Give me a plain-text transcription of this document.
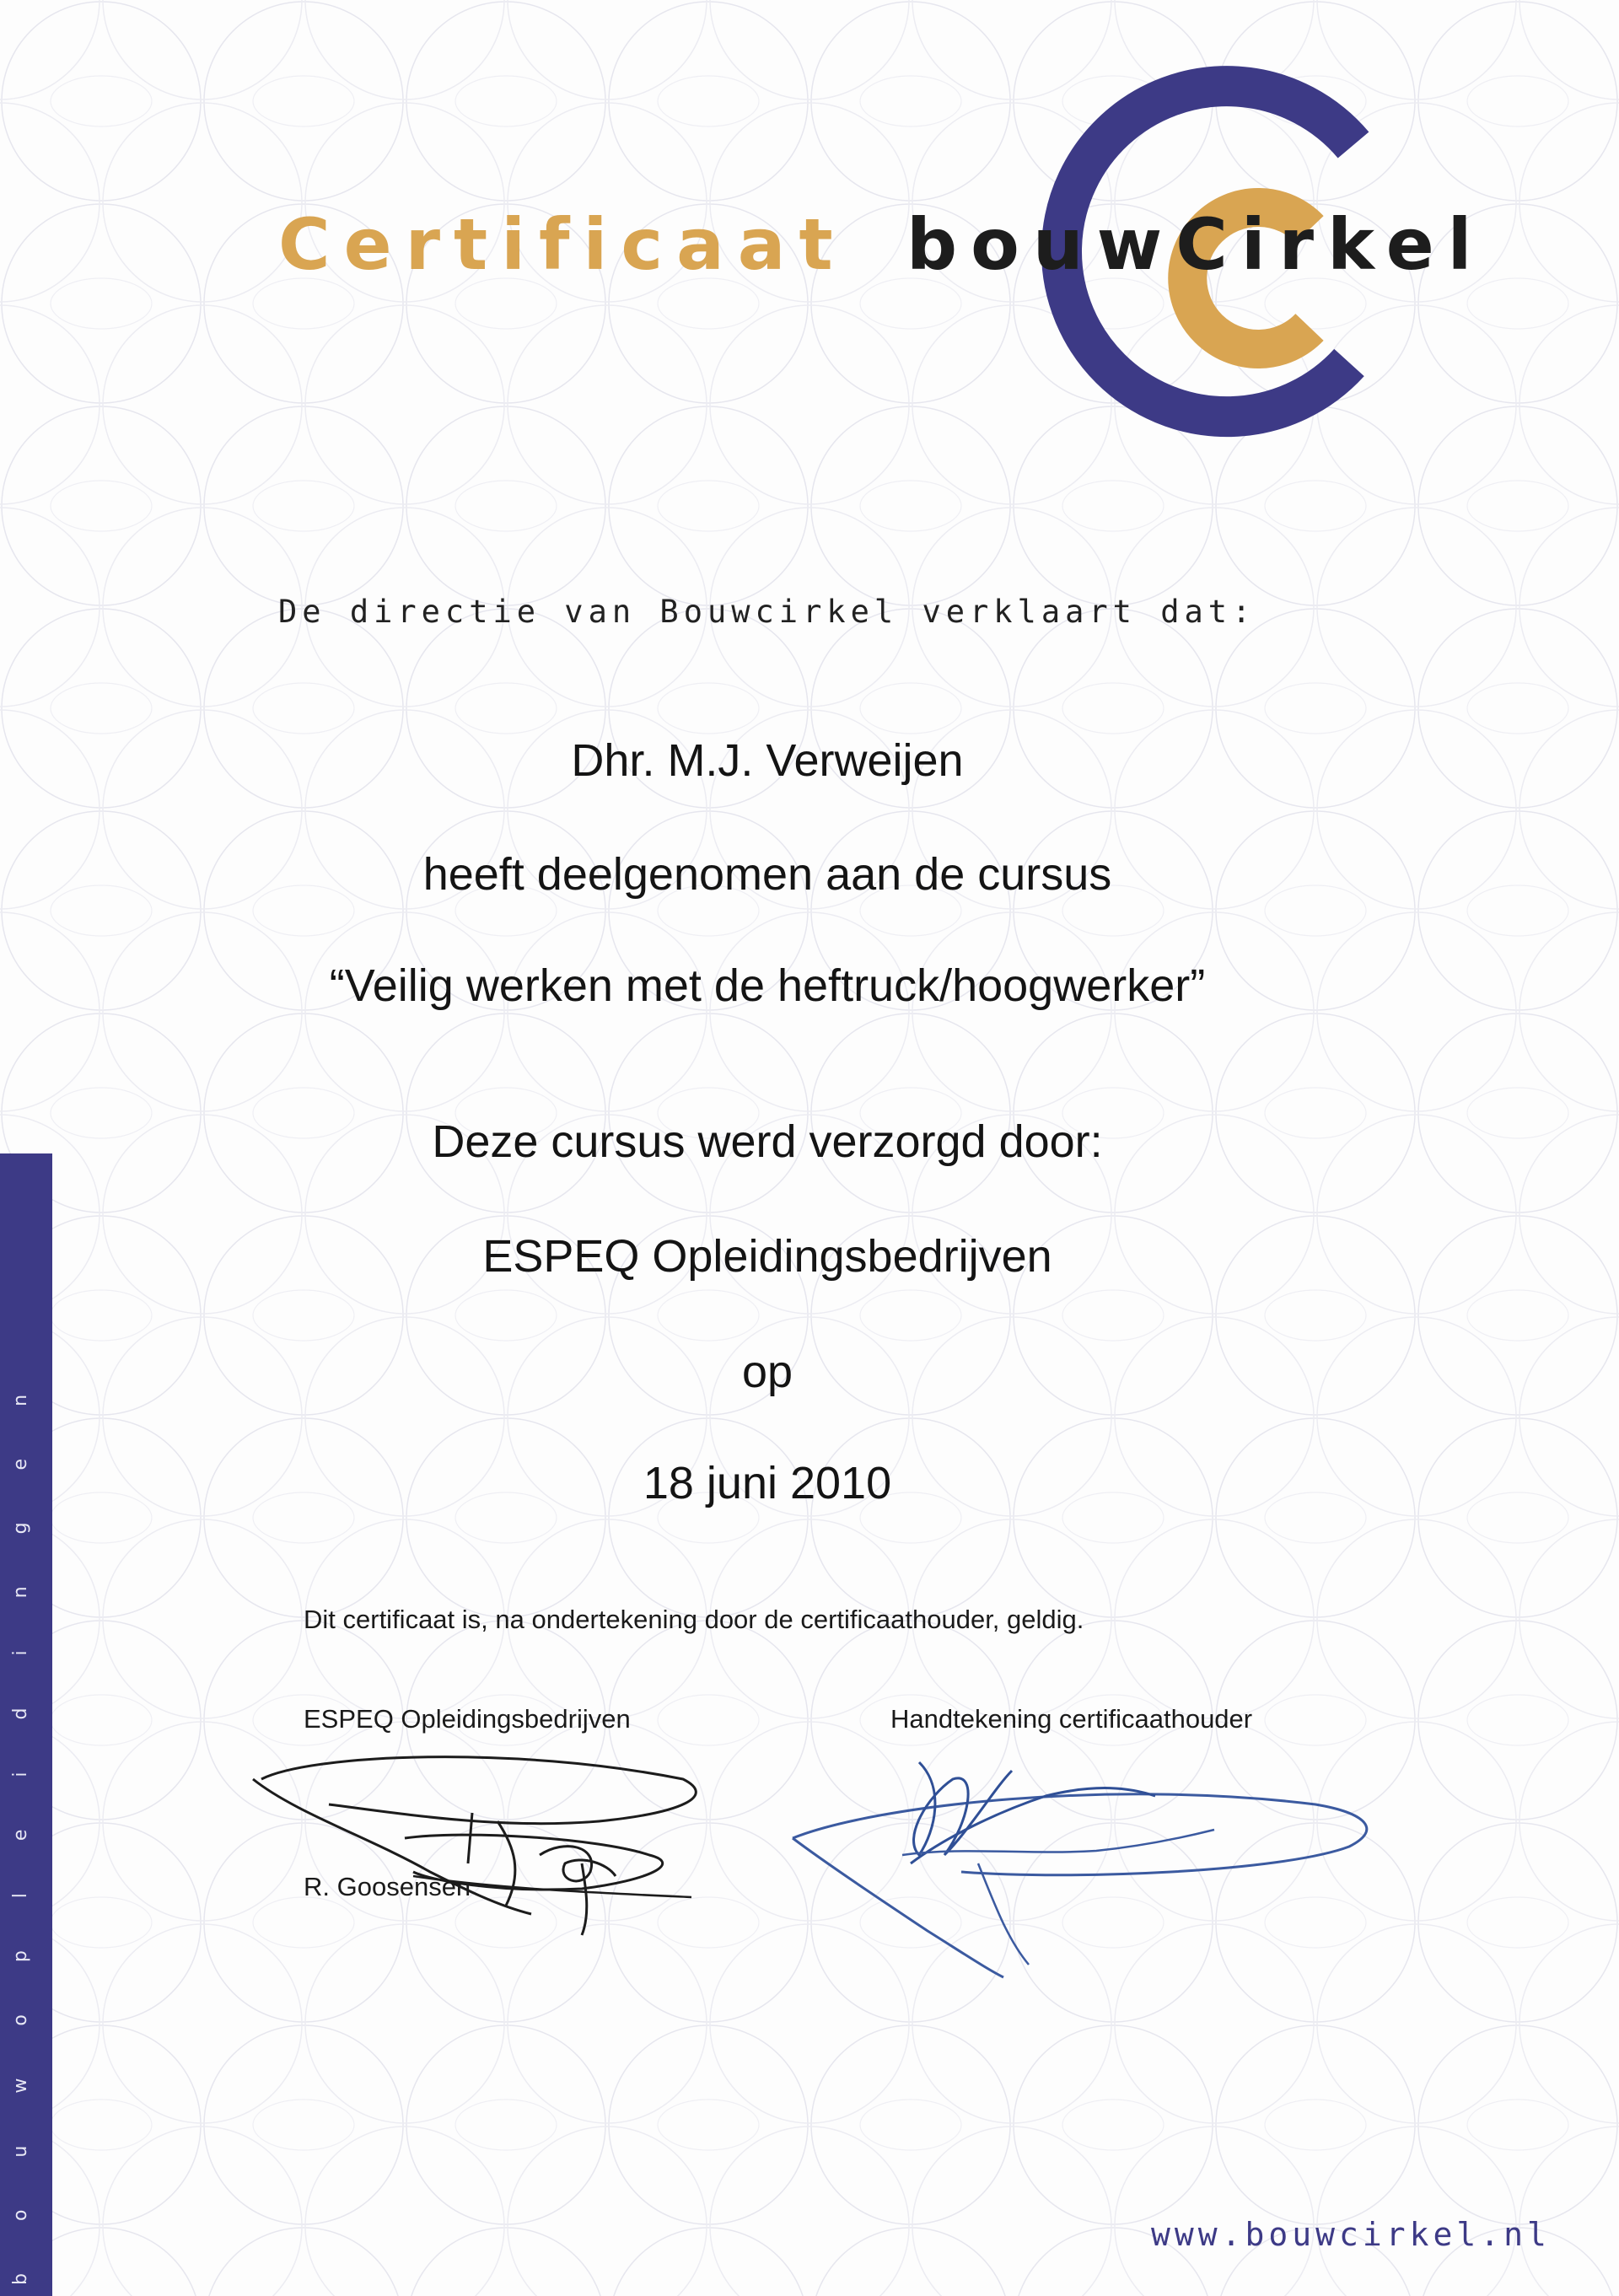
Certificaat bouwCirkel
De directie van Bouwcirkel verklaart dat:
Dhr. M.J. Verweijen
heeft deelgenomen aan de cursus
“Veilig werken met de heftruck/hoogwerker”
Deze cursus werd verzorgd door:
ESPEQ Opleidingsbedrijven
op
18 juni 2010
Dit certificaat is, na ondertekening door de certificaathouder, geldig.
ESPEQ Opleidingsbedrijven	Handtekening certificaathouder
R. Goosensen
bouwopleidingen	www.bouwcirkel.nl
